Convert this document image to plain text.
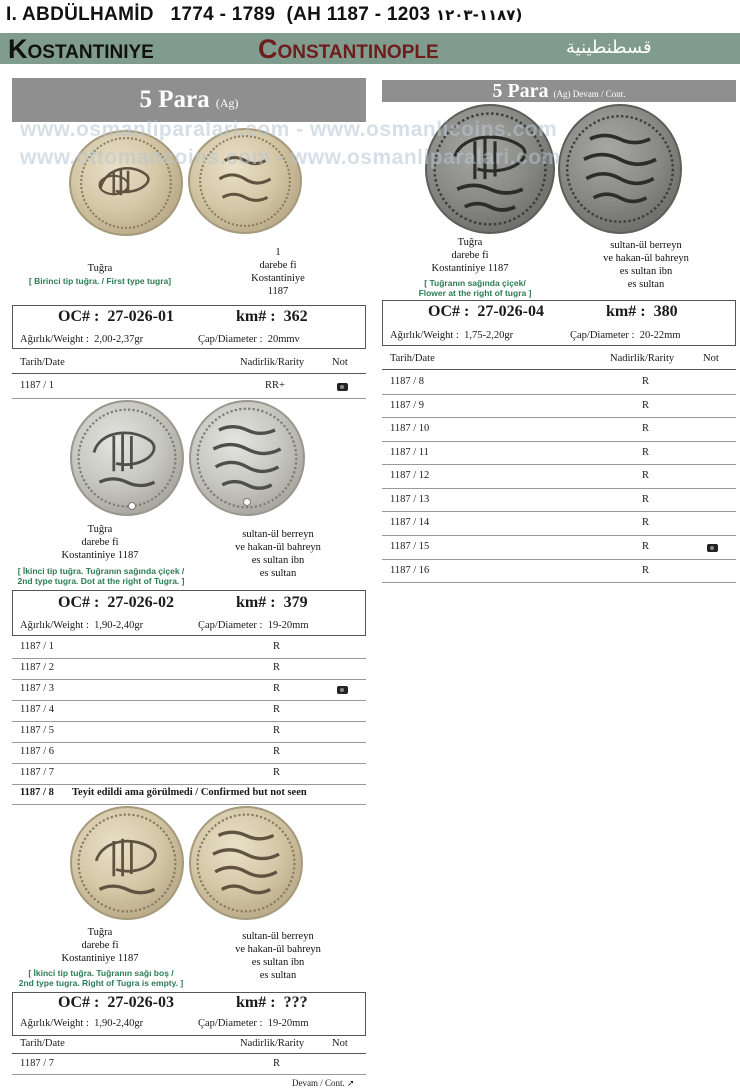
I. ABDÜLHAMİD 1774 - 1789 (AH 1187 - 1203 ١١٨٧-١٢٠٣)
Kostantiniye	Constantinople	قسطنطينية
5 Para (Ag)
5 Para (Ag) Devam / Cont.
www.osmanliparalari.com - www.osmanlicoins.com
www.ottomancoins.com - www.osmanliparalari.com
Tuğra
[ Birinci tip tuğra. / First type tugra]
1
darebe fi
Kostantiniye
1187
OC# : 27-026-01	km# : 362
Ağırlık/Weight : 2,00-2,37gr	Çap/Diameter : 20mmv
Tarih/Date	Nadirlik/Rarity	Not
1187 / 1	RR+
Tuğra
darebe fi
Kostantiniye 1187
[ İkinci tip tuğra. Tuğranın sağında çiçek /
2nd type tugra. Dot at the right of Tugra. ]
sultan-ül berreyn
ve hakan-ül bahreyn
es sultan ibn
es sultan
OC# : 27-026-02	km# : 379
Ağırlık/Weight : 1,90-2,40gr	Çap/Diameter : 19-20mm
1187 / 1	R
1187 / 2	R
1187 / 3	R
1187 / 4	R
1187 / 5	R
1187 / 6	R
1187 / 7	R
1187 / 8 Teyit edildi ama görülmedi / Confirmed but not seen
Tuğra
darebe fi
Kostantiniye 1187
[ İkinci tip tuğra. Tuğranın sağı boş /
2nd type tugra. Right of Tugra is empty. ]
sultan-ül berreyn
ve hakan-ül bahreyn
es sultan ibn
es sultan
OC# : 27-026-03	km# : ???
Ağırlık/Weight : 1,90-2,40gr	Çap/Diameter : 19-20mm
Tarih/Date	Nadirlik/Rarity	Not
1187 / 7	R
Devam / Cont. ➚
Tuğra
darebe fi
Kostantiniye 1187
[ Tuğranın sağında çiçek/
Flower at the right of tugra ]
sultan-ül berreyn
ve hakan-ül bahreyn
es sultan ibn
es sultan
OC# : 27-026-04	km# : 380
Ağırlık/Weight : 1,75-2,20gr	Çap/Diameter : 20-22mm
Tarih/Date	Nadirlik/Rarity	Not
1187 / 8	R
1187 / 9	R
1187 / 10	R
1187 / 11	R
1187 / 12	R
1187 / 13	R
1187 / 14	R
1187 / 15	R
1187 / 16	R
